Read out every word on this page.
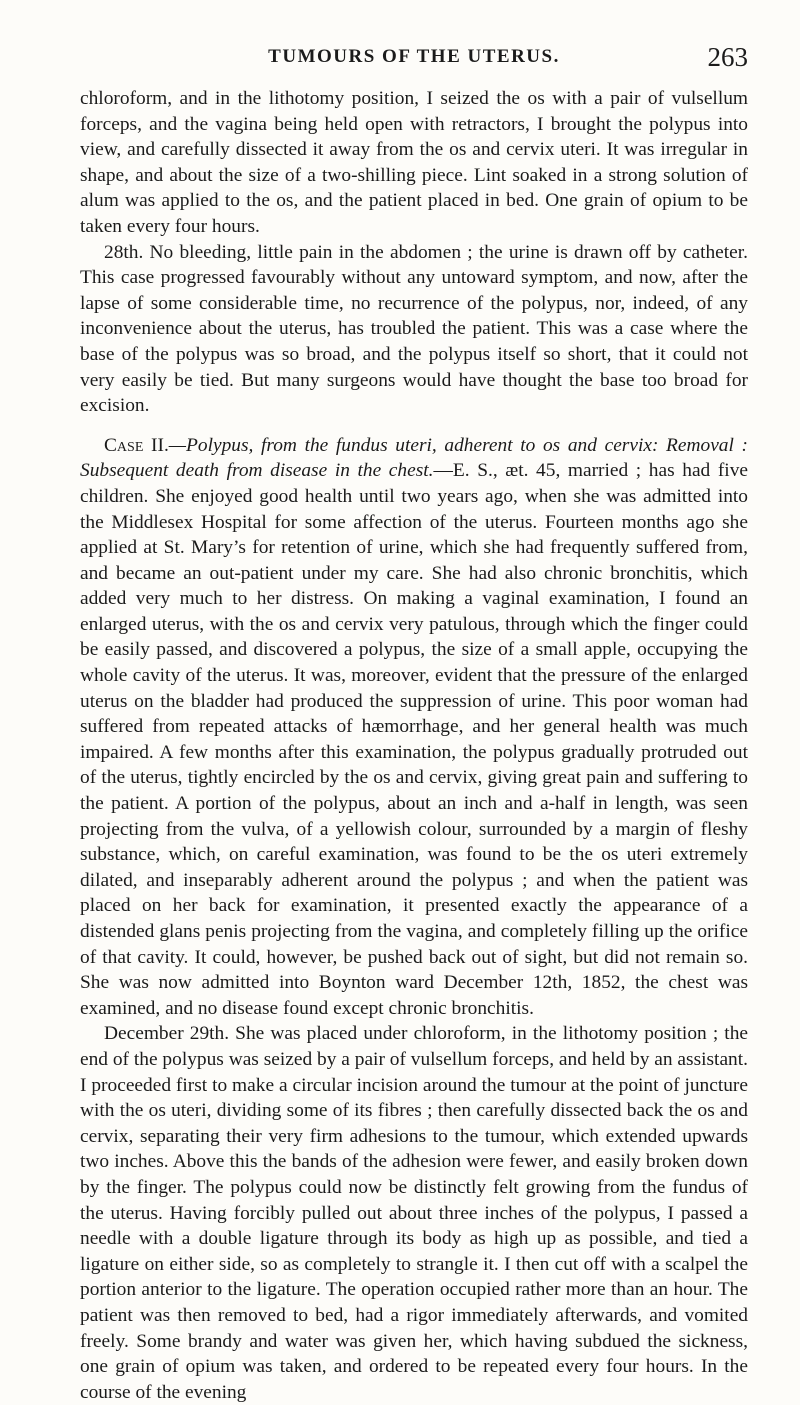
TUMOURS OF THE UTERUS.	263

chloroform, and in the lithotomy position, I seized the os with a pair of vulsellum forceps, and the vagina being held open with retractors, I brought the polypus into view, and carefully dissected it away from the os and cervix uteri. It was irregular in shape, and about the size of a two-shilling piece. Lint soaked in a strong solution of alum was applied to the os, and the patient placed in bed. One grain of opium to be taken every four hours.

28th. No bleeding, little pain in the abdomen ; the urine is drawn off by catheter. This case progressed favourably without any untoward symptom, and now, after the lapse of some considerable time, no recurrence of the polypus, nor, indeed, of any inconvenience about the uterus, has troubled the patient. This was a case where the base of the polypus was so broad, and the polypus itself so short, that it could not very easily be tied. But many surgeons would have thought the base too broad for excision.

Case II.—Polypus, from the fundus uteri, adherent to os and cervix: Removal : Subsequent death from disease in the chest.—E. S., æt. 45, married ; has had five children. She enjoyed good health until two years ago, when she was admitted into the Middlesex Hospital for some affection of the uterus. Fourteen months ago she applied at St. Mary’s for retention of urine, which she had frequently suffered from, and became an out-patient under my care. She had also chronic bronchitis, which added very much to her distress. On making a vaginal examination, I found an enlarged uterus, with the os and cervix very patulous, through which the finger could be easily passed, and discovered a polypus, the size of a small apple, occupying the whole cavity of the uterus. It was, moreover, evident that the pressure of the enlarged uterus on the bladder had produced the suppression of urine. This poor woman had suffered from repeated attacks of hæmorrhage, and her general health was much impaired. A few months after this examination, the polypus gradually protruded out of the uterus, tightly encircled by the os and cervix, giving great pain and suffering to the patient. A portion of the polypus, about an inch and a-half in length, was seen projecting from the vulva, of a yellowish colour, surrounded by a margin of fleshy substance, which, on careful examination, was found to be the os uteri extremely dilated, and inseparably adherent around the polypus ; and when the patient was placed on her back for examination, it presented exactly the appearance of a distended glans penis projecting from the vagina, and completely filling up the orifice of that cavity. It could, however, be pushed back out of sight, but did not remain so. She was now admitted into Boynton ward December 12th, 1852, the chest was examined, and no disease found except chronic bronchitis.

December 29th. She was placed under chloroform, in the lithotomy position ; the end of the polypus was seized by a pair of vulsellum forceps, and held by an assistant. I proceeded first to make a circular incision around the tumour at the point of juncture with the os uteri, dividing some of its fibres ; then carefully dissected back the os and cervix, separating their very firm adhesions to the tumour, which extended upwards two inches. Above this the bands of the adhesion were fewer, and easily broken down by the finger. The polypus could now be distinctly felt growing from the fundus of the uterus. Having forcibly pulled out about three inches of the polypus, I passed a needle with a double ligature through its body as high up as possible, and tied a ligature on either side, so as completely to strangle it. I then cut off with a scalpel the portion anterior to the ligature. The operation occupied rather more than an hour. The patient was then removed to bed, had a rigor immediately afterwards, and vomited freely. Some brandy and water was given her, which having subdued the sickness, one grain of opium was taken, and ordered to be repeated every four hours. In the course of the evening
